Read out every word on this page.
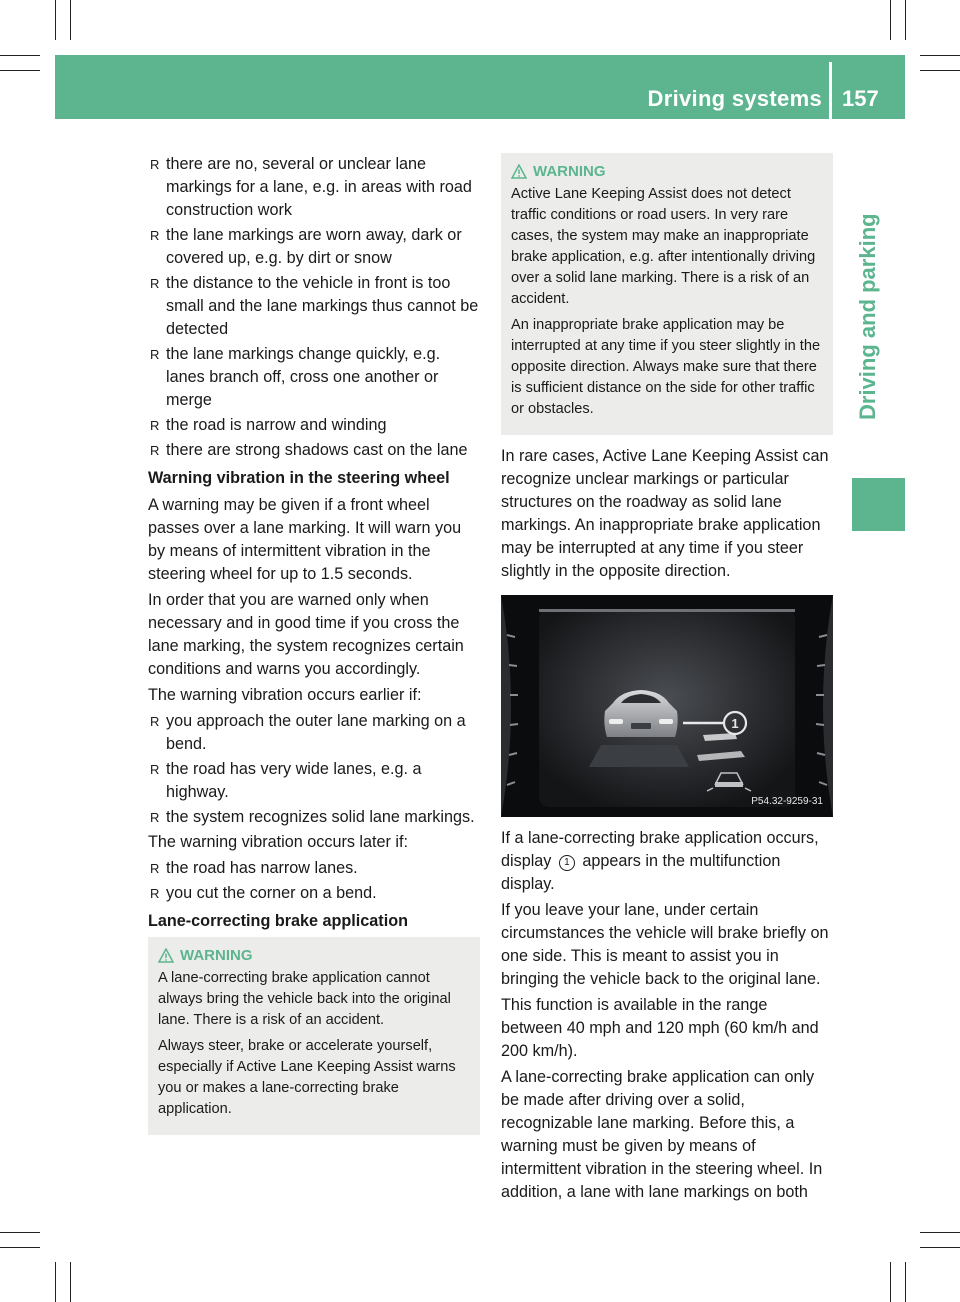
Driving systems 157
R there are no, several or unclear lane markings for a lane, e.g. in areas with road construction work
R the lane markings are worn away, dark or covered up, e.g. by dirt or snow
R the distance to the vehicle in front is too small and the lane markings thus cannot be detected
R the lane markings change quickly, e.g. lanes branch off, cross one another or merge
R the road is narrow and winding
R there are strong shadows cast on the lane
Warning vibration in the steering wheel

A warning may be given if a front wheel passes over a lane marking. It will warn you by means of intermittent vibration in the steering wheel for up to 1.5 seconds.

In order that you are warned only when necessary and in good time if you cross the lane marking, the system recognizes certain conditions and warns you accordingly.

The warning vibration occurs earlier if:

R you approach the outer lane marking on a bend.
R the road has very wide lanes, e.g. a highway.
R the system recognizes solid lane markings.

The warning vibration occurs later if:

R the road has narrow lanes.
R you cut the corner on a bend.
Lane-correcting brake application
WARNING

A lane-correcting brake application cannot always bring the vehicle back into the original lane. There is a risk of an accident.

Always steer, brake or accelerate yourself, especially if Active Lane Keeping Assist warns you or makes a lane-correcting brake application.

WARNING

Active Lane Keeping Assist does not detect traffic conditions or road users. In very rare cases, the system may make an inappropriate brake application, e.g. after intentionally driving over a solid lane marking. There is a risk of an accident.

An inappropriate brake application may be interrupted at any time if you steer slightly in the opposite direction. Always make sure that there is sufficient distance on the side for other traffic or obstacles.

In rare cases, Active Lane Keeping Assist can recognize unclear markings or particular structures on the roadway as solid lane markings. An inappropriate brake application may be interrupted at any time if you steer slightly in the opposite direction.

1
P54.32-9259-31

If a lane-correcting brake application occurs, display 1 appears in the multifunction display.

If you leave your lane, under certain circumstances the vehicle will brake briefly on one side. This is meant to assist you in bringing the vehicle back to the original lane.

This function is available in the range between 40 mph and 120 mph (60 km/h and 200 km/h).

A lane-correcting brake application can only be made after driving over a solid, recognizable lane marking. Before this, a warning must be given by means of intermittent vibration in the steering wheel. In addition, a lane with lane markings on both
